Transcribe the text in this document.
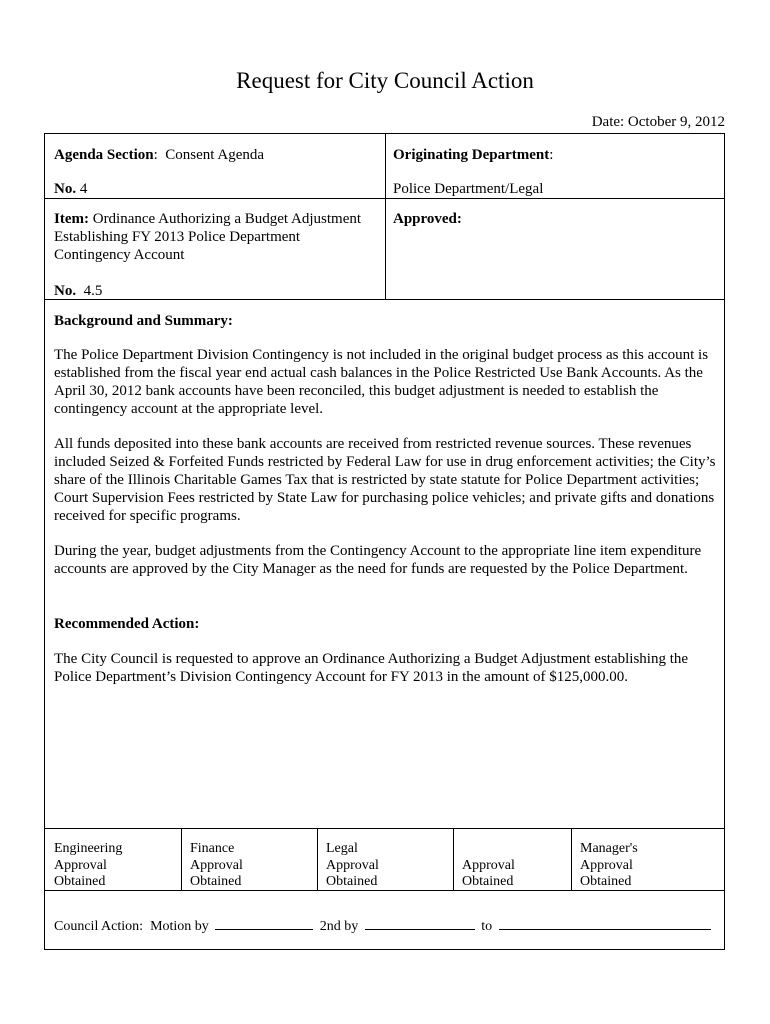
Request for City Council Action
Date: October 9, 2012
Agenda Section:  Consent Agenda
No. 4
Originating Department:
Police Department/Legal
Item: Ordinance Authorizing a Budget Adjustment
Establishing FY 2013 Police Department
Contingency Account
No. 4.5
Approved:
Background and Summary:
The Police Department Division Contingency is not included in the original budget process as this account is established from the fiscal year end actual cash balances in the Police Restricted Use Bank Accounts. As the April 30, 2012 bank accounts have been reconciled, this budget adjustment is needed to establish the contingency account at the appropriate level.
All funds deposited into these bank accounts are received from restricted revenue sources. These revenues included Seized & Forfeited Funds restricted by Federal Law for use in drug enforcement activities; the City’s share of the Illinois Charitable Games Tax that is restricted by state statute for Police Department activities; Court Supervision Fees restricted by State Law for purchasing police vehicles; and private gifts and donations received for specific programs.
During the year, budget adjustments from the Contingency Account to the appropriate line item expenditure accounts are approved by the City Manager as the need for funds are requested by the Police Department.
Recommended Action:
The City Council is requested to approve an Ordinance Authorizing a Budget Adjustment establishing the Police Department’s Division Contingency Account for FY 2013 in the amount of $125,000.00.
Engineering
Approval
Obtained
Finance
Approval
Obtained
Legal
Approval
Obtained
Approval
Obtained
Manager's
Approval
Obtained
Council Action: Motion by	2nd by	to
